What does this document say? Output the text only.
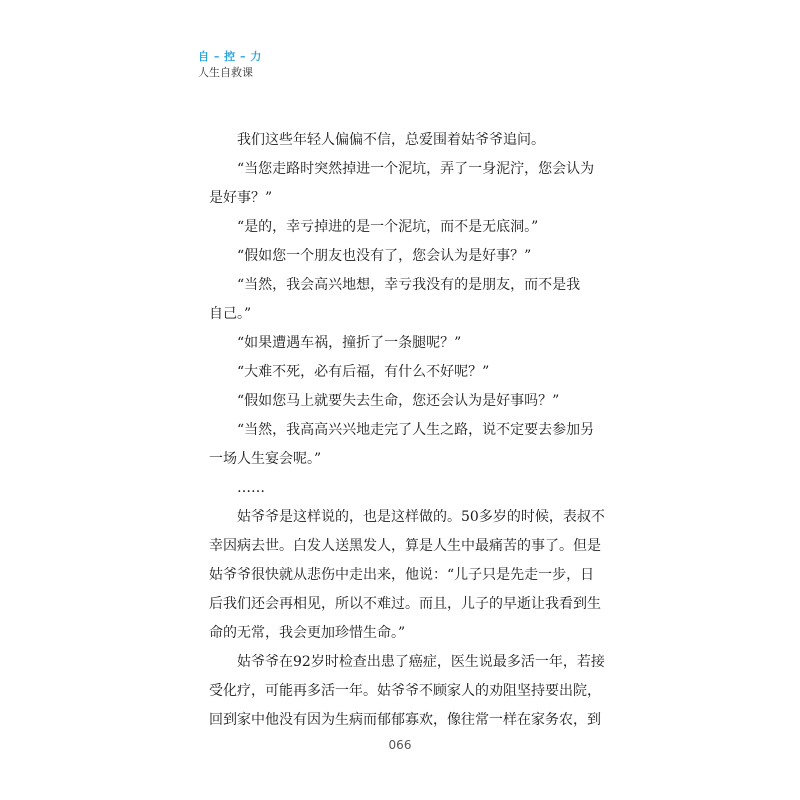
自 – 控 – 力
人生自救课
我们这些年轻人偏偏不信，总爱围着姑爷爷追问。
“当您走路时突然掉进一个泥坑，弄了一身泥泞，您会认为
是好事？”
“是的，幸亏掉进的是一个泥坑，而不是无底洞。”
“假如您一个朋友也没有了，您会认为是好事？”
“当然，我会高兴地想，幸亏我没有的是朋友，而不是我
自己。”
“如果遭遇车祸，撞折了一条腿呢？”
“大难不死，必有后福，有什么不好呢？”
“假如您马上就要失去生命，您还会认为是好事吗？”
“当然，我高高兴兴地走完了人生之路，说不定要去参加另
一场人生宴会呢。”
……
姑爷爷是这样说的，也是这样做的。50多岁的时候，表叔不
幸因病去世。白发人送黑发人，算是人生中最痛苦的事了。但是
姑爷爷很快就从悲伤中走出来，他说：“儿子只是先走一步，日
后我们还会再相见，所以不难过。而且，儿子的早逝让我看到生
命的无常，我会更加珍惜生命。”
姑爷爷在92岁时检查出患了癌症，医生说最多活一年，若接
受化疗，可能再多活一年。姑爷爷不顾家人的劝阻坚持要出院，
回到家中他没有因为生病而郁郁寡欢，像往常一样在家务农，到
066
